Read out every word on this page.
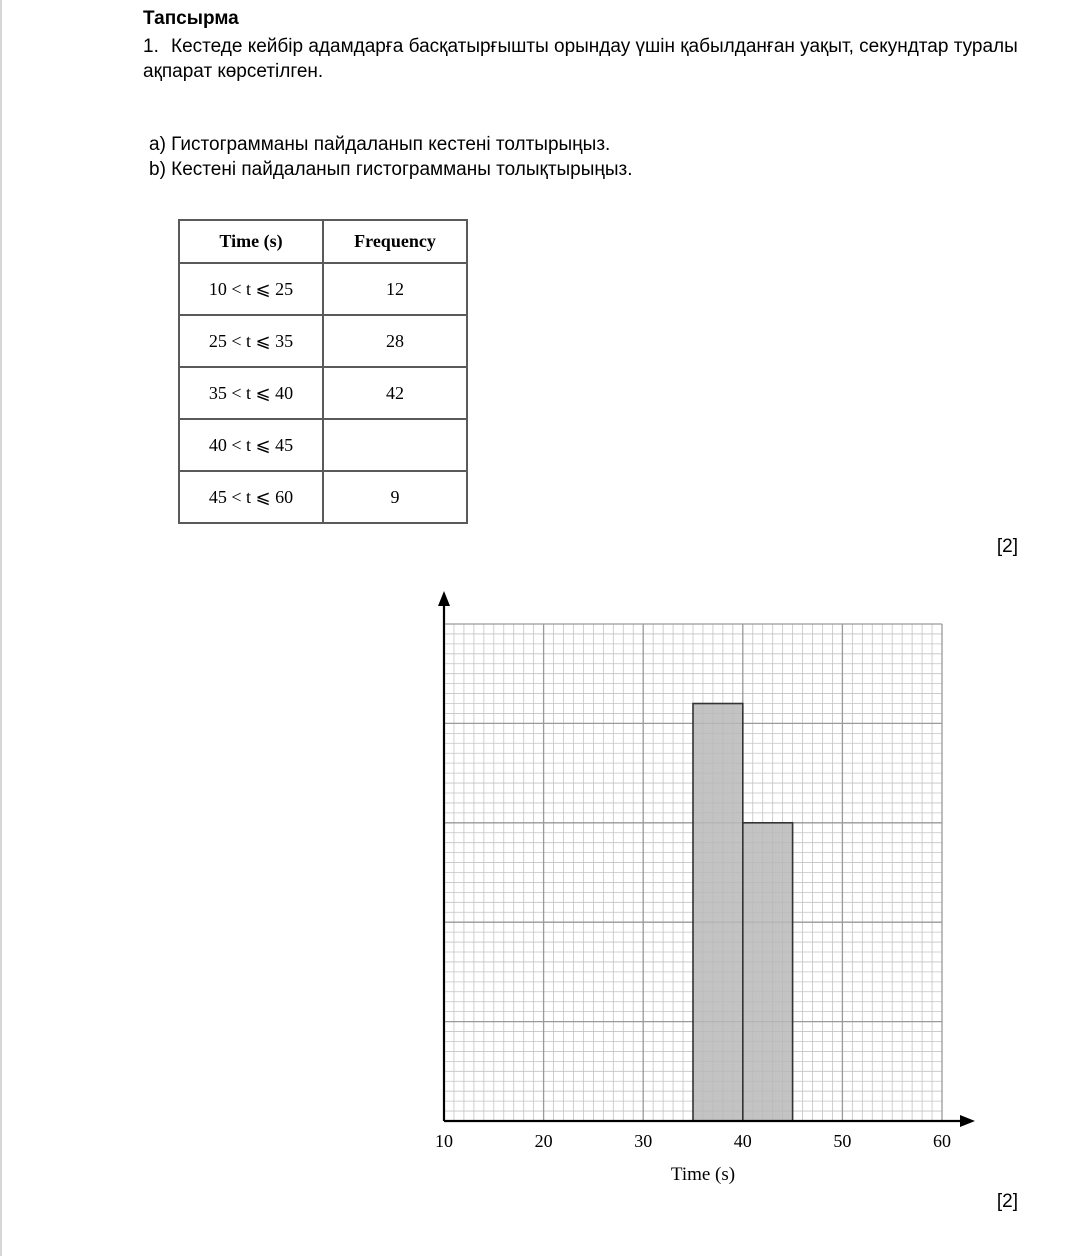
Тапсырма
1. Кестеде кейбір адамдарға басқатырғышты орындау үшін қабылданған уақыт, секундтар туралы ақпарат көрсетілген.
a) Гистограмманы пайдаланып кестені толтырыңыз.
b) Кестені пайдаланып гистограмманы толықтырыңыз.
Time (s)	Frequency
10 < t ⩽ 25	12
25 < t ⩽ 35	28
35 < t ⩽ 40	42
40 < t ⩽ 45	
45 < t ⩽ 60	9
[2]
10	20	30	40	50	60
Time (s)
[2]
